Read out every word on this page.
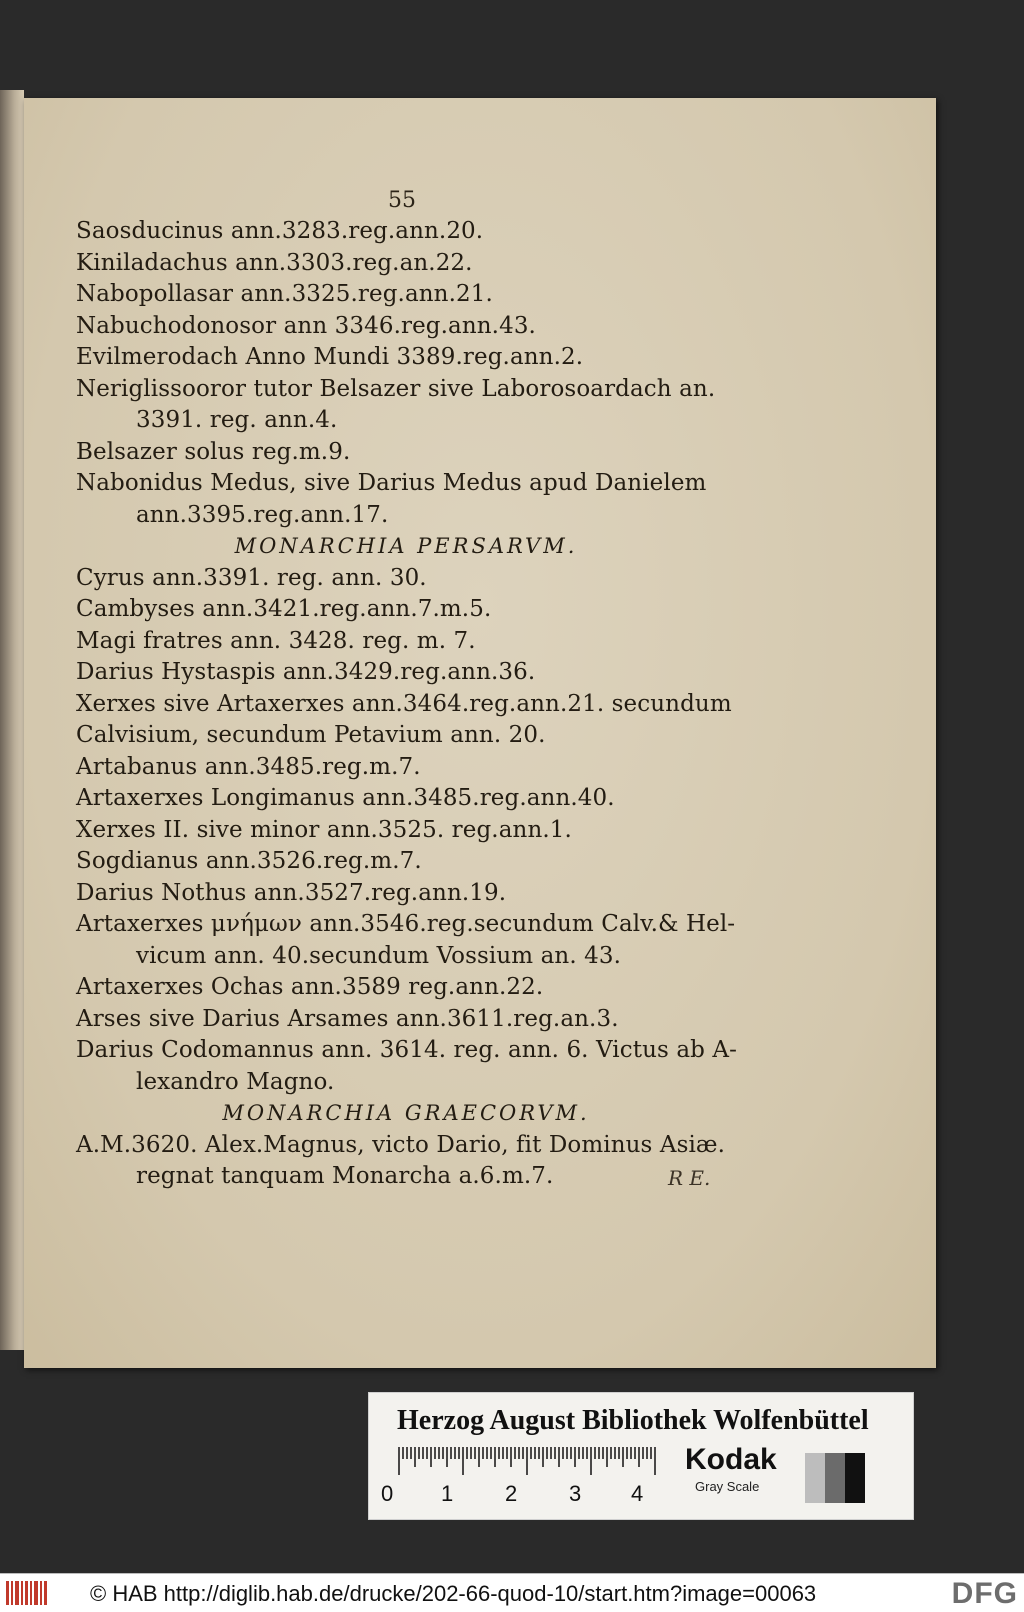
55
Saosducinus ann.3283.reg.ann.20.
Kiniladachus ann.3303.reg.an.22.
Nabopollasar ann.3325.reg.ann.21.
Nabuchodonosor ann 3346.reg.ann.43.
Evilmerodach Anno Mundi 3389.reg.ann.2.
Neriglissooror tutor Belsazer sive Laborosoardach an.
3391. reg. ann.4.
Belsazer solus reg.m.9.
Nabonidus Medus, sive Darius Medus apud Danielem
ann.3395.reg.ann.17.
MONARCHIA PERSARVM.
Cyrus ann.3391. reg. ann. 30.
Cambyses ann.3421.reg.ann.7.m.5.
Magi fratres ann. 3428. reg. m. 7.
Darius Hystaspis ann.3429.reg.ann.36.
Xerxes sive Artaxerxes ann.3464.reg.ann.21. secundum
Calvisium, secundum Petavium ann. 20.
Artabanus ann.3485.reg.m.7.
Artaxerxes Longimanus ann.3485.reg.ann.40.
Xerxes II. sive minor ann.3525. reg.ann.1.
Sogdianus ann.3526.reg.m.7.
Darius Nothus ann.3527.reg.ann.19.
Artaxerxes μνήμων ann.3546.reg.secundum Calv.& Hel-
vicum ann. 40.secundum Vossium an. 43.
Artaxerxes Ochas ann.3589 reg.ann.22.
Arses sive Darius Arsames ann.3611.reg.an.3.
Darius Codomannus ann. 3614. reg. ann. 6. Victus ab A-
lexandro Magno.
MONARCHIA GRAECORVM.
A.M.3620. Alex.Magnus, victo Dario, fit Dominus Asiæ.
regnat tanquam Monarcha a.6.m.7.	R E.
Herzog August Bibliothek Wolfenbüttel
0 1 2 3 4
Kodak
Gray Scale
© HAB http://diglib.hab.de/drucke/202-66-quod-10/start.htm?image=00063	DFG
